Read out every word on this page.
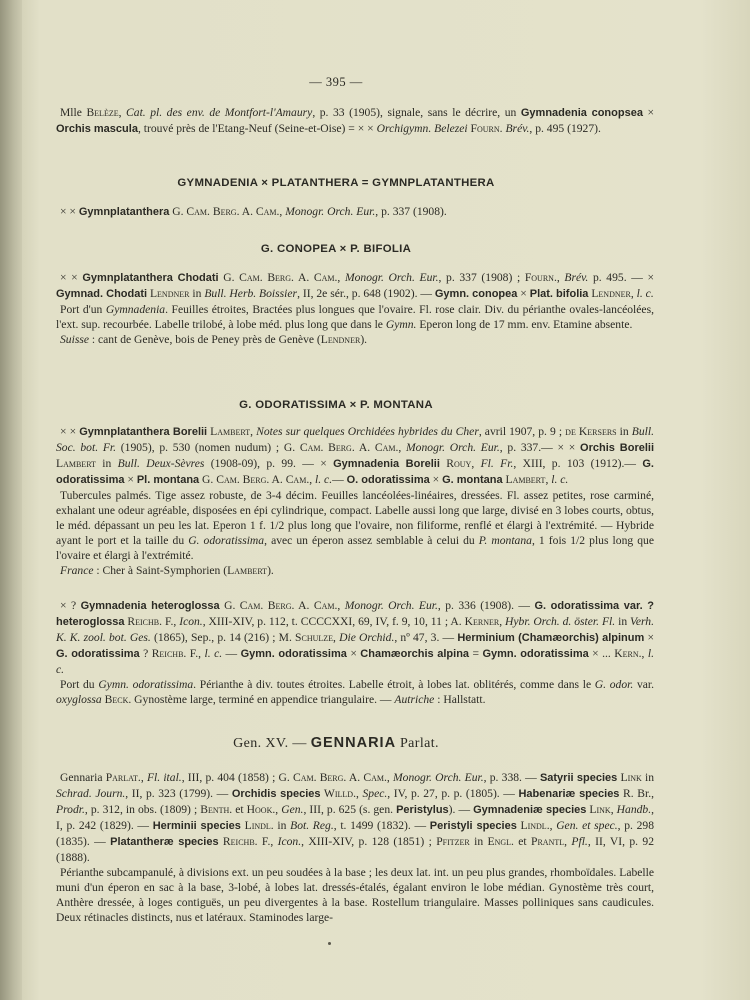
— 395 —

Mlle Belèze, Cat. pl. des env. de Montfort-l'Amaury, p. 33 (1905), signale, sans le décrire, un Gymnadenia conopsea × Orchis mascula, trouvé près de l'Etang-Neuf (Seine-et-Oise) = × × Orchigymn. Belezei Fourn. Brév., p. 495 (1927).

GYMNADENIA × PLATANTHERA = GYMNPLATANTHERA

× × Gymnplatanthera G. Cam. Berg. A. Cam., Monogr. Orch. Eur., p. 337 (1908).

G. CONOPEA × P. BIFOLIA

× × Gymnplatanthera Chodati G. Cam. Berg. A. Cam., Monogr. Orch. Eur., p. 337 (1908) ; Fourn., Brév. p. 495. — × Gymnad. Chodati Lendner in Bull. Herb. Boissier, II, 2e sér., p. 648 (1902). — Gymn. conopea × Plat. bifolia Lendner, l. c.

Port d'un Gymnadenia. Feuilles étroites, Bractées plus longues que l'ovaire. Fl. rose clair. Div. du périanthe ovales-lancéolées, l'ext. sup. recourbée. Labelle trilobé, à lobe méd. plus long que dans le Gymn. Eperon long de 17 mm. env. Etamine absente.

Suisse : cant de Genève, bois de Peney près de Genève (Lendner).

G. ODORATISSIMA × P. MONTANA

× × Gymnplatanthera Borelii Lambert, Notes sur quelques Orchidées hybrides du Cher, avril 1907, p. 9 ; de Kersers in Bull. Soc. bot. Fr. (1905), p. 530 (nomen nudum) ; G. Cam. Berg. A. Cam., Monogr. Orch. Eur., p. 337.— × × Orchis Borelii Lambert in Bull. Deux-Sèvres (1908-09), p. 99. — × Gymnadenia Borelii Rouy, Fl. Fr., XIII, p. 103 (1912).— G. odoratissima × Pl. montana G. Cam. Berg. A. Cam., l. c.— O. odoratissima × G. montana Lambert, l. c.

Tubercules palmés. Tige assez robuste, de 3-4 décim. Feuilles lancéolées-linéaires, dressées. Fl. assez petites, rose carminé, exhalant une odeur agréable, disposées en épi cylindrique, compact. Labelle aussi long que large, divisé en 3 lobes courts, obtus, le méd. dépassant un peu les lat. Eperon 1 f. 1/2 plus long que l'ovaire, non filiforme, renflé et élargi à l'extrémité. — Hybride ayant le port et la taille du G. odoratissima, avec un éperon assez semblable à celui du P. montana, 1 fois 1/2 plus long que l'ovaire et élargi à l'extrémité.

France : Cher à Saint-Symphorien (Lambert).

× ? Gymnadenia heteroglossa G. Cam. Berg. A. Cam., Monogr. Orch. Eur., p. 336 (1908). — G. odoratissima var. ? heteroglossa Reichb. F., Icon., XIII-XIV, p. 112, t. CCCCXXI, 69, IV, f. 9, 10, 11 ; A. Kerner, Hybr. Orch. d. öster. Fl. in Verh. K. K. zool. bot. Ges. (1865), Sep., p. 14 (216) ; M. Schulze, Die Orchid., nº 47, 3. — Herminium (Chamæorchis) alpinum × G. odoratissima ? Reichb. F., l. c. — Gymn. odoratissima × Chamæorchis alpina = Gymn. odoratissima × ... Kern., l. c.

Port du Gymn. odoratissima. Périanthe à div. toutes étroites. Labelle étroit, à lobes lat. oblitérés, comme dans le G. odor. var. oxyglossa Beck. Gynostème large, terminé en appendice triangulaire. — Autriche : Hallstatt.

Gen. XV. — GENNARIA Parlat.

Gennaria Parlat., Fl. ital., III, p. 404 (1858) ; G. Cam. Berg. A. Cam., Monogr. Orch. Eur., p. 338. — Satyrii species Link in Schrad. Journ., II, p. 323 (1799). — Orchidis species Willd., Spec., IV, p. 27, p. p. (1805). — Habenariæ species R. Br., Prodr., p. 312, in obs. (1809) ; Benth. et Hook., Gen., III, p. 625 (s. gen. Peristylus). — Gymnadeniæ species Link, Handb., I, p. 242 (1829). — Herminii species Lindl. in Bot. Reg., t. 1499 (1832). — Peristyli species Lindl., Gen. et spec., p. 298 (1835). — Platantheræ species Reichb. F., Icon., XIII-XIV, p. 128 (1851) ; Pfitzer in Engl. et Prantl, Pfl., II, VI, p. 92 (1888).

Périanthe subcampanulé, à divisions ext. un peu soudées à la base ; les deux lat. int. un peu plus grandes, rhomboïdales. Labelle muni d'un éperon en sac à la base, 3-lobé, à lobes lat. dressés-étalés, égalant environ le lobe médian. Gynostème très court, Anthère dressée, à loges contiguës, un peu divergentes à la base. Rostellum triangulaire. Masses polliniques sans caudicules. Deux rétinacles distincts, nus et latéraux. Staminodes large-
